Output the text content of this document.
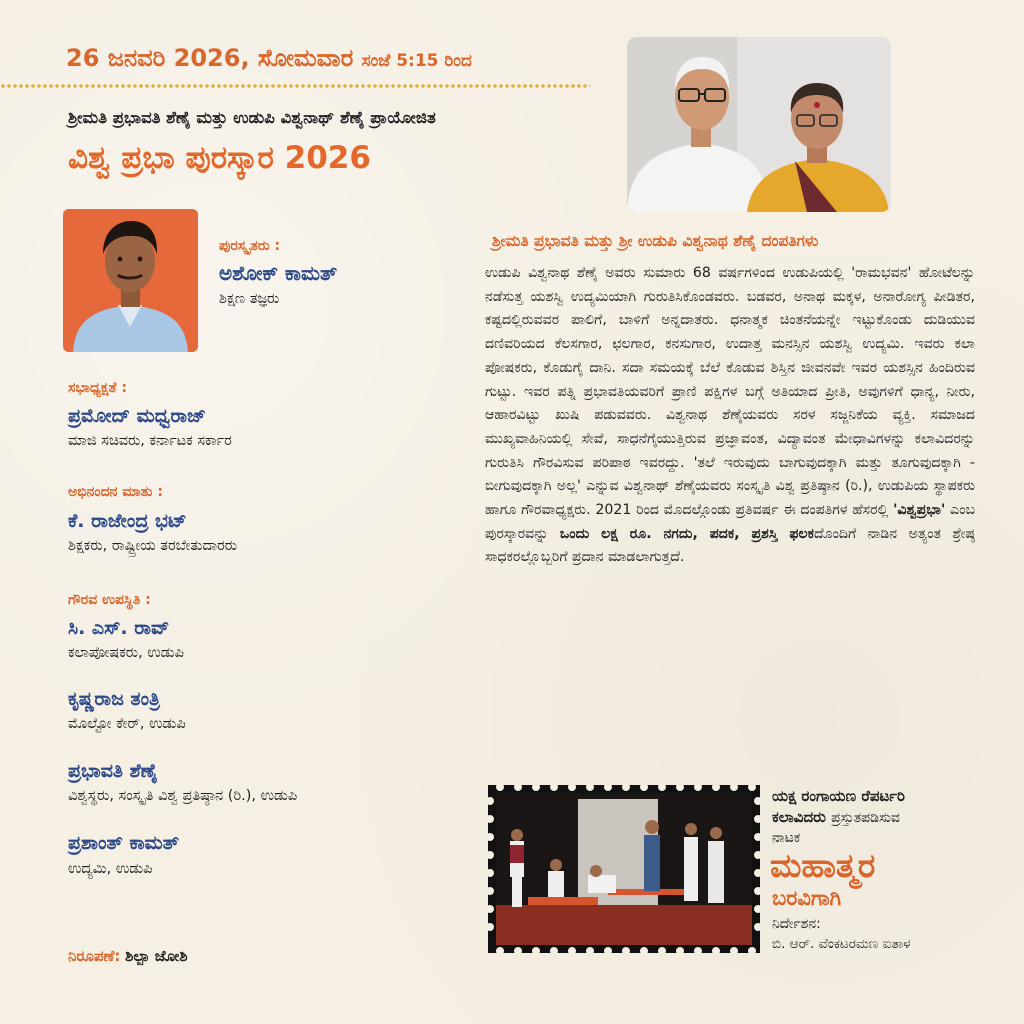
26 ಜನವರಿ 2026, ಸೋಮವಾರ ಸಂಜೆ 5:15 ರಿಂದ
ಶ್ರೀಮತಿ ಪ್ರಭಾವತಿ ಶೆಣೈ ಮತ್ತು ಉಡುಪಿ ವಿಶ್ವನಾಥ್ ಶೆಣೈ ಪ್ರಾಯೋಜಿತ
ವಿಶ್ವ ಪ್ರಭಾ ಪುರಸ್ಕಾರ 2026
ಪುರಸ್ಕೃತರು :
ಅಶೋಕ್ ಕಾಮತ್
ಶಿಕ್ಷಣ ತಜ್ಞರು
ಸಭಾಧ್ಯಕ್ಷತೆ :
ಪ್ರಮೋದ್ ಮಧ್ವರಾಜ್
ಮಾಜಿ ಸಚಿವರು, ಕರ್ನಾಟಕ ಸರ್ಕಾರ
ಅಭಿನಂದನ ಮಾತು :
ಕೆ. ರಾಜೇಂದ್ರ ಭಟ್
ಶಿಕ್ಷಕರು, ರಾಷ್ಟ್ರೀಯ ತರಬೇತುದಾರರು
ಗೌರವ ಉಪಸ್ಥಿತಿ :
ಸಿ. ಎಸ್. ರಾವ್
ಕಲಾಪೋಷಕರು, ಉಡುಪಿ
ಕೃಷ್ಣರಾಜ ತಂತ್ರಿ
ಮೊಲ್ಟೋ ಕೇರ್, ಉಡುಪಿ
ಪ್ರಭಾವತಿ ಶೆಣೈ
ವಿಶ್ವಸ್ಥರು, ಸಂಸ್ಕೃತಿ ವಿಶ್ವ ಪ್ರತಿಷ್ಠಾನ (ರಿ.), ಉಡುಪಿ
ಪ್ರಶಾಂತ್ ಕಾಮತ್
ಉದ್ಯಮಿ, ಉಡುಪಿ
ನಿರೂಪಣೆ: ಶಿಲ್ಪಾ ಜೋಶಿ
ಶ್ರೀಮತಿ ಪ್ರಭಾವತಿ ಮತ್ತು ಶ್ರೀ ಉಡುಪಿ ವಿಶ್ವನಾಥ ಶೆಣೈ ದಂಪತಿಗಳು
ಉಡುಪಿ ವಿಶ್ವನಾಥ ಶೆಣೈ ಅವರು ಸುಮಾರು 68 ವರ್ಷಗಳಿಂದ ಉಡುಪಿಯಲ್ಲಿ 'ರಾಮಭವನ' ಹೋಟೆಲನ್ನು ನಡೆಸುತ್ತ ಯಶಸ್ವಿ ಉದ್ಯಮಿಯಾಗಿ ಗುರುತಿಸಿಕೊಂಡವರು. ಬಡವರ, ಅನಾಥ ಮಕ್ಕಳ, ಅನಾರೋಗ್ಯ ಪೀಡಿತರ, ಕಷ್ಟದಲ್ಲಿರುವವರ ಪಾಲಿಗೆ, ಬಾಳಿಗೆ ಅನ್ನದಾತರು. ಧನಾತ್ಮಕ ಚಿಂತನೆಯನ್ನೇ ಇಟ್ಟುಕೊಂಡು ದುಡಿಯುವ ದಣಿವರಿಯದ ಕೆಲಸಗಾರ, ಛಲಗಾರ, ಕನಸುಗಾರ, ಉದಾತ್ತ ಮನಸ್ಸಿನ ಯಶಸ್ವಿ ಉದ್ಯಮಿ. ಇವರು ಕಲಾ ಪೋಷಕರು, ಕೊಡುಗೈ ದಾನಿ. ಸದಾ ಸಮಯಕ್ಕೆ ಬೆಲೆ ಕೊಡುವ ಶಿಸ್ತಿನ ಜೀವನವೇ ಇವರ ಯಶಸ್ಸಿನ ಹಿಂದಿರುವ ಗುಟ್ಟು. ಇವರ ಪತ್ನಿ ಪ್ರಭಾವತಿಯವರಿಗೆ ಪ್ರಾಣಿ ಪಕ್ಷಿಗಳ ಬಗ್ಗೆ ಅತಿಯಾದ ಪ್ರೀತಿ, ಅವುಗಳಿಗೆ ಧಾನ್ಯ, ನೀರು, ಆಹಾರವಿಟ್ಟು ಖುಷಿ ಪಡುವವರು. ವಿಶ್ವನಾಥ ಶೆಣೈಯವರು ಸರಳ ಸಜ್ಜನಿಕೆಯ ವ್ಯಕ್ತಿ. ಸಮಾಜದ ಮುಖ್ಯವಾಹಿನಿಯಲ್ಲಿ ಸೇವೆ, ಸಾಧನೆಗೈಯುತ್ತಿರುವ ಪ್ರಜ್ಞಾವಂತ, ವಿದ್ಯಾವಂತ ಮೇಧಾವಿಗಳನ್ನು ಕಲಾವಿದರನ್ನು ಗುರುತಿಸಿ ಗೌರವಿಸುವ ಪರಿಪಾಠ ಇವರದ್ದು. 'ತಲೆ ಇರುವುದು ಬಾಗುವುದಕ್ಕಾಗಿ ಮತ್ತು ತೂಗುವುದಕ್ಕಾಗಿ - ಬೀಗುವುದಕ್ಕಾಗಿ ಅಲ್ಲ' ಎನ್ನುವ ವಿಶ್ವನಾಥ್ ಶೆಣೈಯವರು ಸಂಸ್ಕೃತಿ ವಿಶ್ವ ಪ್ರತಿಷ್ಠಾನ (ರಿ.), ಉಡುಪಿಯ ಸ್ಥಾಪಕರು ಹಾಗೂ ಗೌರವಾಧ್ಯಕ್ಷರು. 2021 ರಿಂದ ಮೊದಲ್ಗೊಂಡು ಪ್ರತಿವರ್ಷ ಈ ದಂಪತಿಗಳ ಹೆಸರಲ್ಲಿ 'ವಿಶ್ವಪ್ರಭಾ' ಎಂಬ ಪುರಸ್ಕಾರವನ್ನು ಒಂದು ಲಕ್ಷ ರೂ. ನಗದು, ಪದಕ, ಪ್ರಶಸ್ತಿ ಫಲಕದೊಂದಿಗೆ ನಾಡಿನ ಅತ್ಯಂತ ಶ್ರೇಷ್ಠ ಸಾಧಕರಲ್ಲೊಬ್ಬರಿಗೆ ಪ್ರದಾನ ಮಾಡಲಾಗುತ್ತದೆ.
ಯಕ್ಷ ರಂಗಾಯಣ ರೆಪರ್ಟರಿ
ಕಲಾವಿದರು ಪ್ರಸ್ತುತಪಡಿಸುವ
ನಾಟಕ
ಮಹಾತ್ಮರ
ಬರವಿಗಾಗಿ
ನಿರ್ದೇಶನ:
ಬಿ. ಆರ್. ವೆಂಕಟರಮಣ ಐತಾಳ
